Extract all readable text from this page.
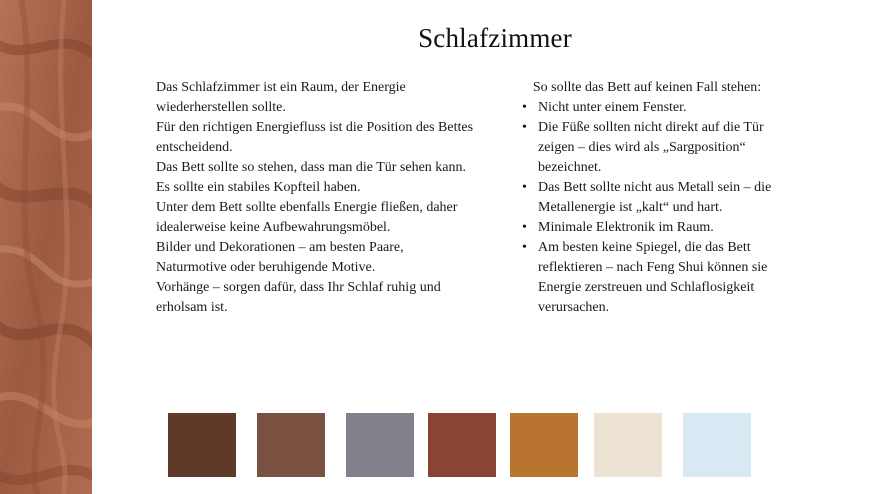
Schlafzimmer

Das Schlafzimmer ist ein Raum, der Energie wiederherstellen sollte.

Für den richtigen Energiefluss ist die Position des Bettes entscheidend.

Das Bett sollte so stehen, dass man die Tür sehen kann.

Es sollte ein stabiles Kopfteil haben.

Unter dem Bett sollte ebenfalls Energie fließen, daher idealerweise keine Aufbewahrungsmöbel.

Bilder und Dekorationen – am besten Paare, Naturmotive oder beruhigende Motive.

Vorhänge – sorgen dafür, dass Ihr Schlaf ruhig und erholsam ist.

So sollte das Bett auf keinen Fall stehen:

• Nicht unter einem Fenster.
• Die Füße sollten nicht direkt auf die Tür zeigen – dies wird als „Sargposition“ bezeichnet.
• Das Bett sollte nicht aus Metall sein – die Metallenergie ist „kalt“ und hart.
• Minimale Elektronik im Raum.
• Am besten keine Spiegel, die das Bett reflektieren – nach Feng Shui können sie Energie zerstreuen und Schlaflosigkeit verursachen.
